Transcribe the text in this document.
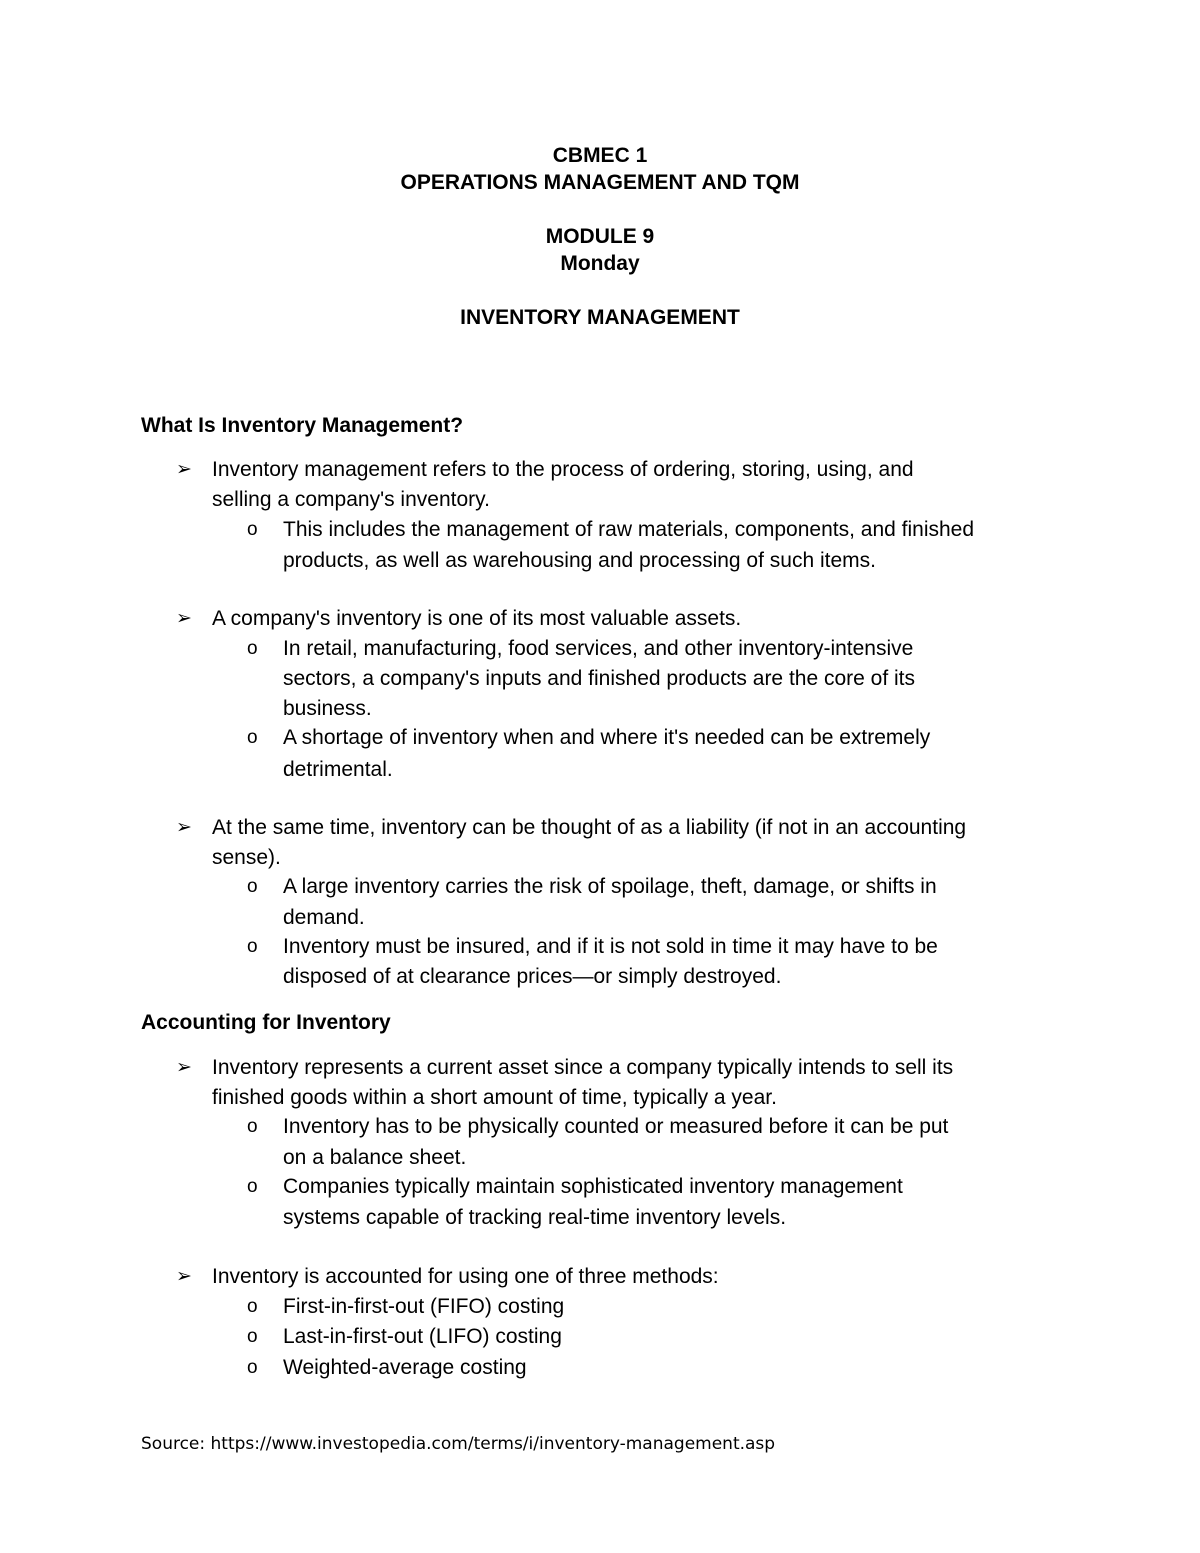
CBMEC 1
OPERATIONS MANAGEMENT AND TQM
MODULE 9
Monday
INVENTORY MANAGEMENT
What Is Inventory Management?
➢ Inventory management refers to the process of ordering, storing, using, and
selling a company's inventory.
o This includes the management of raw materials, components, and finished
products, as well as warehousing and processing of such items.
➢ A company's inventory is one of its most valuable assets.
o In retail, manufacturing, food services, and other inventory-intensive
sectors, a company's inputs and finished products are the core of its
business.
o A shortage of inventory when and where it's needed can be extremely
detrimental.
➢ At the same time, inventory can be thought of as a liability (if not in an accounting
sense).
o A large inventory carries the risk of spoilage, theft, damage, or shifts in
demand.
o Inventory must be insured, and if it is not sold in time it may have to be
disposed of at clearance prices—or simply destroyed.
Accounting for Inventory
➢ Inventory represents a current asset since a company typically intends to sell its
finished goods within a short amount of time, typically a year.
o Inventory has to be physically counted or measured before it can be put
on a balance sheet.
o Companies typically maintain sophisticated inventory management
systems capable of tracking real-time inventory levels.
➢ Inventory is accounted for using one of three methods:
o First-in-first-out (FIFO) costing
o Last-in-first-out (LIFO) costing
o Weighted-average costing
Source: https://www.investopedia.com/terms/i/inventory-management.asp
